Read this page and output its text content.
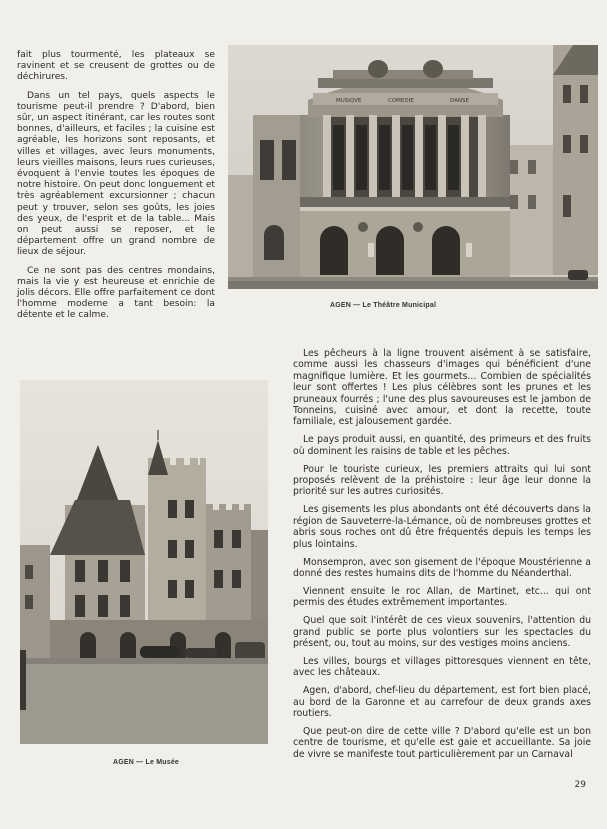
fait plus tourmenté, les plateaux se ravinent et se creusent de grottes ou de déchirures.

Dans un tel pays, quels aspects le tourisme peut-il prendre ? D'abord, bien sûr, un aspect itinérant, car les routes sont bonnes, d'ailleurs, et faciles ; la cuisine est agréable, les horizons sont reposants, et villes et villages, avec leurs monuments, leurs vieilles maisons, leurs rues curieuses, évoquent à l'envie toutes les époques de notre histoire. On peut donc longuement et très agréablement excursionner ; chacun peut y trouver, selon ses goûts, les joies des yeux, de l'esprit et de la table... Mais on peut aussi se reposer, et le département offre un grand nombre de lieux de séjour.

Ce ne sont pas des centres mondains, mais la vie y est heureuse et enrichie de jolis décors. Elle offre parfaitement ce dont l'homme moderne a tant besoin: la détente et le calme.

MUSIQVE	COMEDIE	DANSE
AGEN — Le Théâtre Municipal
AGEN — Le Musée

Les pêcheurs à la ligne trouvent aisément à se satisfaire, comme aussi les chasseurs d'images qui bénéficient d'une magnifique lumière. Et les gourmets... Combien de spécialités leur sont offertes ! Les plus célèbres sont les prunes et les pruneaux fourrés ; l'une des plus savoureuses est le jambon de Tonneins, cuisiné avec amour, et dont la recette, toute familiale, est jalousement gardée.

Le pays produit aussi, en quantité, des primeurs et des fruits où dominent les raisins de table et les pêches.

Pour le touriste curieux, les premiers attraits qui lui sont proposés relèvent de la préhistoire : leur âge leur donne la priorité sur les autres curiosités.

Les gisements les plus abondants ont été découverts dans la région de Sauveterre-la-Lémance, où de nombreuses grottes et abris sous roches ont dû être fréquentés depuis les temps les plus lointains.

Monsempron, avec son gisement de l'époque Moustérienne a donné des restes humains dits de l'homme du Néanderthal.

Viennent ensuite le roc Allan, de Martinet, etc... qui ont permis des études extrêmement importantes.

Quel que soit l'intérêt de ces vieux souvenirs, l'attention du grand public se porte plus volontiers sur les spectacles du présent, ou, tout au moins, sur des vestiges moins anciens.

Les villes, bourgs et villages pittoresques viennent en tête, avec les châteaux.

Agen, d'abord, chef-lieu du département, est fort bien placé, au bord de la Garonne et au carrefour de deux grands axes routiers.

Que peut-on dire de cette ville ? D'abord qu'elle est un bon centre de tourisme, et qu'elle est gaie et accueillante. Sa joie de vivre se manifeste tout particulièrement par un Carnaval

29
